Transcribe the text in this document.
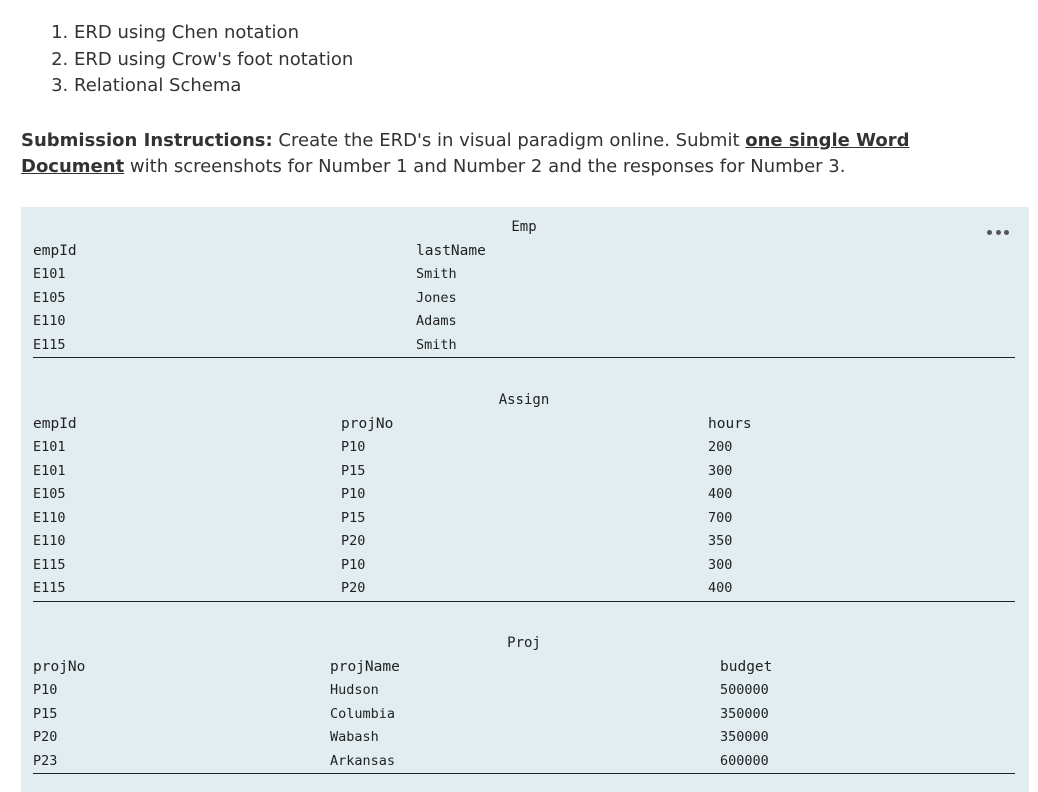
1. ERD using Chen notation
2. ERD using Crow's foot notation
3. Relational Schema

Submission Instructions: Create the ERD's in visual paradigm online. Submit one single Word Document with screenshots for Number 1 and Number 2 and the responses for Number 3.

Emp
empId	lastName
E101	Smith
E105	Jones
E110	Adams
E115	Smith
Assign
empId	projNo	hours
E101	P10	200
E101	P15	300
E105	P10	400
E110	P15	700
E110	P20	350
E115	P10	300
E115	P20	400
Proj
projNo	projName	budget
P10	Hudson	500000
P15	Columbia	350000
P20	Wabash	350000
P23	Arkansas	600000
